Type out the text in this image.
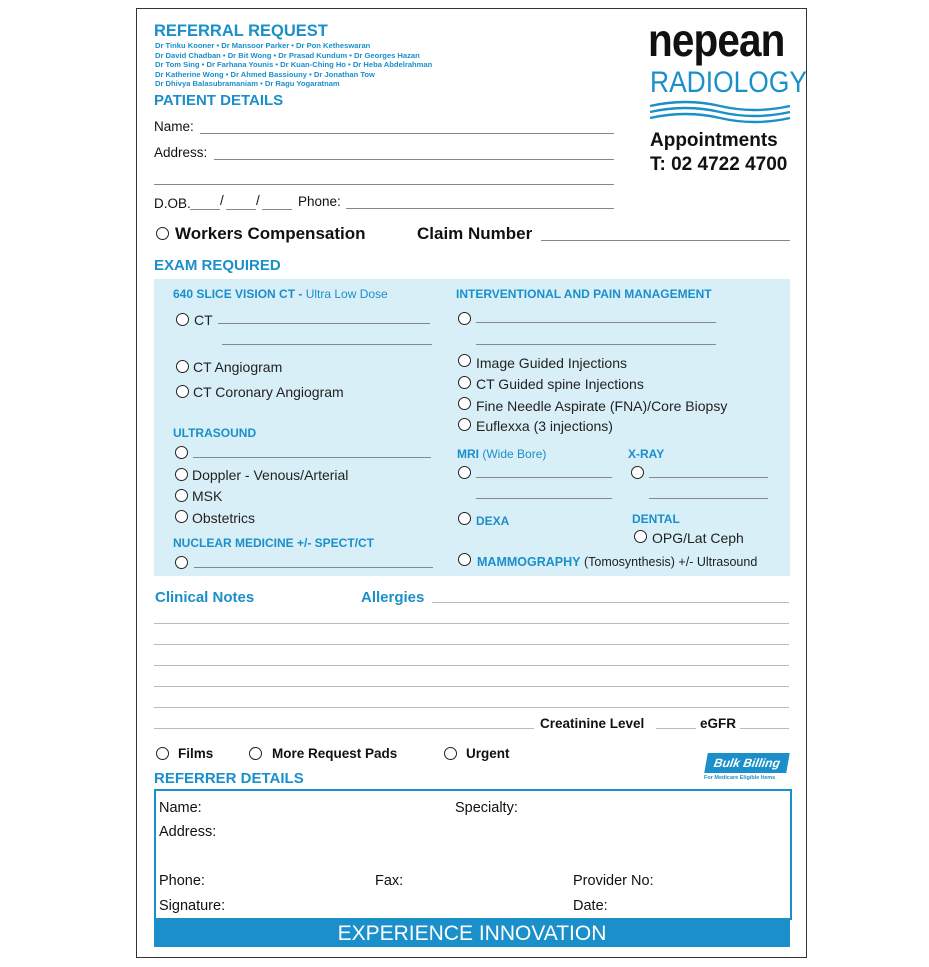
REFERRAL REQUEST
Dr Tinku Kooner • Dr Mansoor Parker • Dr Pon Ketheswaran
Dr David Chadban • Dr Bit Wong • Dr Prasad Kundum • Dr Georges Hazan
Dr Tom Sing • Dr Farhana Younis • Dr Kuan-Ching Ho • Dr Heba Abdelrahman
Dr Katherine Wong • Dr Ahmed Bassiouny • Dr Jonathan Tow
Dr Dhivya Balasubramaniam • Dr Ragu Yogaratnam
nepean
RADIOLOGY
Appointments
T: 02 4722 4700
PATIENT DETAILS
Name:
Address:
D.OB. / /	Phone:
Workers Compensation	Claim Number
EXAM REQUIRED
640 SLICE VISION CT - Ultra Low Dose
CT
CT Angiogram
CT Coronary Angiogram
ULTRASOUND
Doppler - Venous/Arterial
MSK
Obstetrics
NUCLEAR MEDICINE +/- SPECT/CT
INTERVENTIONAL AND PAIN MANAGEMENT
Image Guided Injections
CT Guided spine Injections
Fine Needle Aspirate (FNA)/Core Biopsy
Euflexxa (3 injections)
MRI (Wide Bore)	X-RAY
DEXA	DENTAL
OPG/Lat Ceph
MAMMOGRAPHY (Tomosynthesis) +/- Ultrasound
Clinical Notes	Allergies
Creatinine Level	eGFR
Films	More Request Pads	Urgent
Bulk Billing
For Medicare Eligible Items
REFERRER DETAILS
Name:	Specialty:
Address:
Phone:	Fax:	Provider No:
Signature:	Date:
EXPERIENCE INNOVATION
